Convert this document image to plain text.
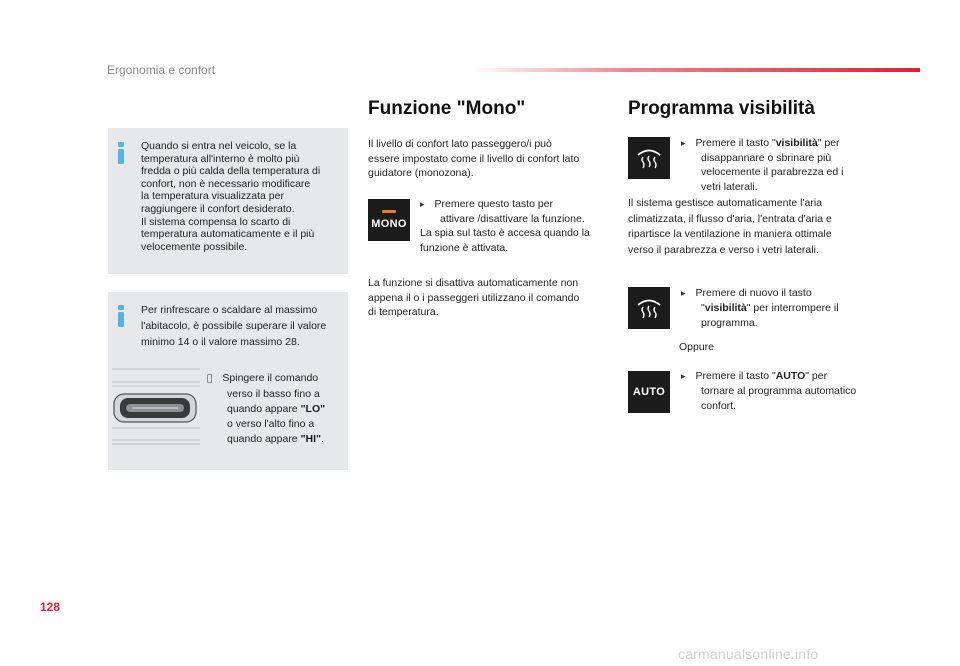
Ergonomia e confort
Quando si entra nel veicolo, se la
temperatura all'interno è molto più
fredda o più calda della temperatura di
confort, non è necessario modificare
la temperatura visualizzata per
raggiungere il confort desiderato.
Il sistema compensa lo scarto di
temperatura automaticamente e il più
velocemente possibile.
Per rinfrescare o scaldare al massimo
l'abitacolo, è possibile superare il valore
minimo 14 o il valore massimo 28.
Spingere il comando
verso il basso fino a
quando appare "LO"
o verso l'alto fino a
quando appare "HI".
Funzione "Mono"
Il livello di confort lato passeggero/i può
essere impostato come il livello di confort lato
guidatore (monozona).
MONO
▸ Premere questo tasto per
attivare /disattivare la funzione.
La spia sul tasto è accesa quando la
funzione è attivata.
La funzione si disattiva automaticamente non
appena il o i passeggeri utilizzano il comando
di temperatura.
Programma visibilità
▸ Premere il tasto "visibilità" per
disappannare o sbrinare più
velocemente il parabrezza ed i
vetri laterali.
Il sistema gestisce automaticamente l'aria
climatizzata, il flusso d'aria, l'entrata d'aria e
ripartisce la ventilazione in maniera ottimale
verso il parabrezza e verso i vetri laterali.
▸ Premere di nuovo il tasto
"visibilità" per interrompere il
programma.
Oppure
AUTO
▸ Premere il tasto "AUTO" per
tornare al programma automatico
confort.
128
carmanualsonline.info
